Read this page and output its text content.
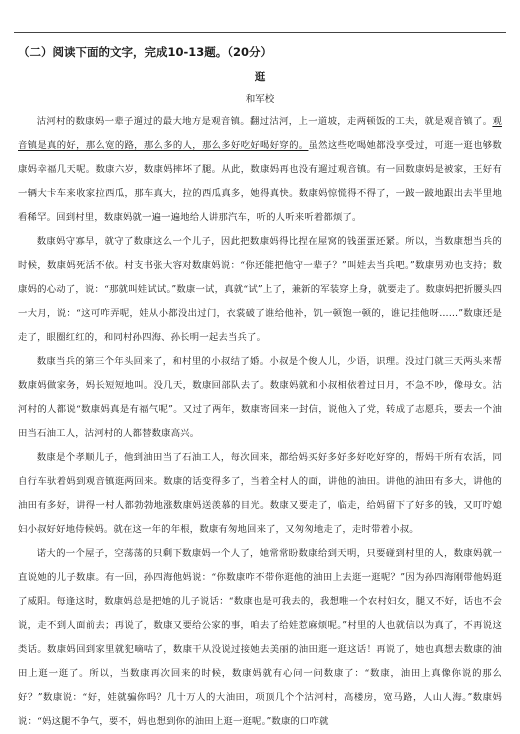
（二）阅读下面的文字，完成10-13题。（20分）
逛
和军校

沽河村的数康妈一辈子遛过的最大地方是观音镇。翻过沽河，上一道坡，走两顿饭的工夫，就是观音镇了。观音镇是真的好，那么宽的路，那么多的人，那么多好吃好喝好穿的。虽然这些吃喝她都没享受过，可逛一逛也够数康妈幸福几天呢。数康六岁，数康妈摔坏了腿。从此，数康妈再也没有遛过观音镇。有一回数康妈是被家，王好有一辆大卡车来收家拉西瓜，那车真大，拉的西瓜真多，她得真快。数康妈惊慌得不得了，一跛一跛地跟出去半里地看稀罕。回到村里，数康妈就一遍一遍地给人讲那汽车，听的人听来听着都烦了。

数康妈守寡早，就守了数康这么一个儿子，因此把数康妈得比捏在屋窝的钱蛋蛋还紧。所以，当数康想当兵的时候，数康妈死活不依。村支书张大容对数康妈说：“你还能把他守一辈子？”叫娃去当兵吧。”数康男劝也支持；数康妈的心动了，说：“那就叫娃试试。”数康一试，真就“试”上了，兼新的军装穿上身，就要走了。数康妈把折腰头四一大月，说：“这可咋弄呢，娃从小都没出过门，衣裳破了谁给他补，饥一顿饱一顿的，谁记挂他呀……”数康还是走了，眼圈红红的，和同村孙四海、孙长明一起去当兵了。

数康当兵的第三个年头回来了，和村里的小叔结了婚。小叔是个俊人儿，少语，识理。没过门就三天两头来帮数康妈做家务，妈长短短地叫。没几天，数康回部队去了。数康妈就和小叔相依着过日月，不急不吵，像母女。沽河村的人都说“数康妈真是有福气呢”。又过了两年，数康寄回来一封信，说他入了党，转成了志愿兵，要去一个油田当石油工人，沽河村的人都替数康高兴。

数康是个孝顺儿子，他到油田当了石油工人，每次回来，都给妈买好多好多好吃好穿的，帮妈干所有农活，同自行车驮着妈到观音镇逛两回来。数康的话变得多了，当着全村人的面，讲他的油田。讲他的油田有多大，讲他的油田有多好，讲得一村人都勃勃地涨数康妈送羡慕的目光。数康又要走了，临走，给妈留下了好多的钱，又叮咛媳妇小叔好好地侍候妈。就在这一年的年根，数康有匆地回来了，又匆匆地走了，走时带着小叔。

诺大的一个屋子，空荡荡的只剩下数康妈一个人了，她常常盼数康给到天明，只要碰到村里的人，数康妈就一直说她的儿子数康。有一回，孙四海他妈说：“你数康咋不带你逛他的油田上去逛一逛呢？”因为孙四海刚带他妈逛了威阳。每逢这时，数康妈总是把她的儿子说话：“数康也是可我去的，我想唯一个农村妇女，腿又不好，话也不会说，走不到人面前去；再说了，数康又要给公家的事，咱去了给娃惹麻烦呢。”村里的人也就信以为真了，不再说这类话。数康妈回到家里就犯嘀咕了，数康干从没说过接她去美丽的油田逛一逛这话！再说了，她也真想去数康的油田上逛一逛了。所以，当数康再次回来的时候，数康妈就有心问一问数康了：“数康，油田上真像你说的那么好？”数康说：“好，娃就骗你吗？几十万人的大油田，项顶几个个沽河村，高楼房，宽马路，人山人海。”数康妈说：“妈这腿不争气，要不，妈也想到你的油田上逛一逛呢。”数康的口咋就
